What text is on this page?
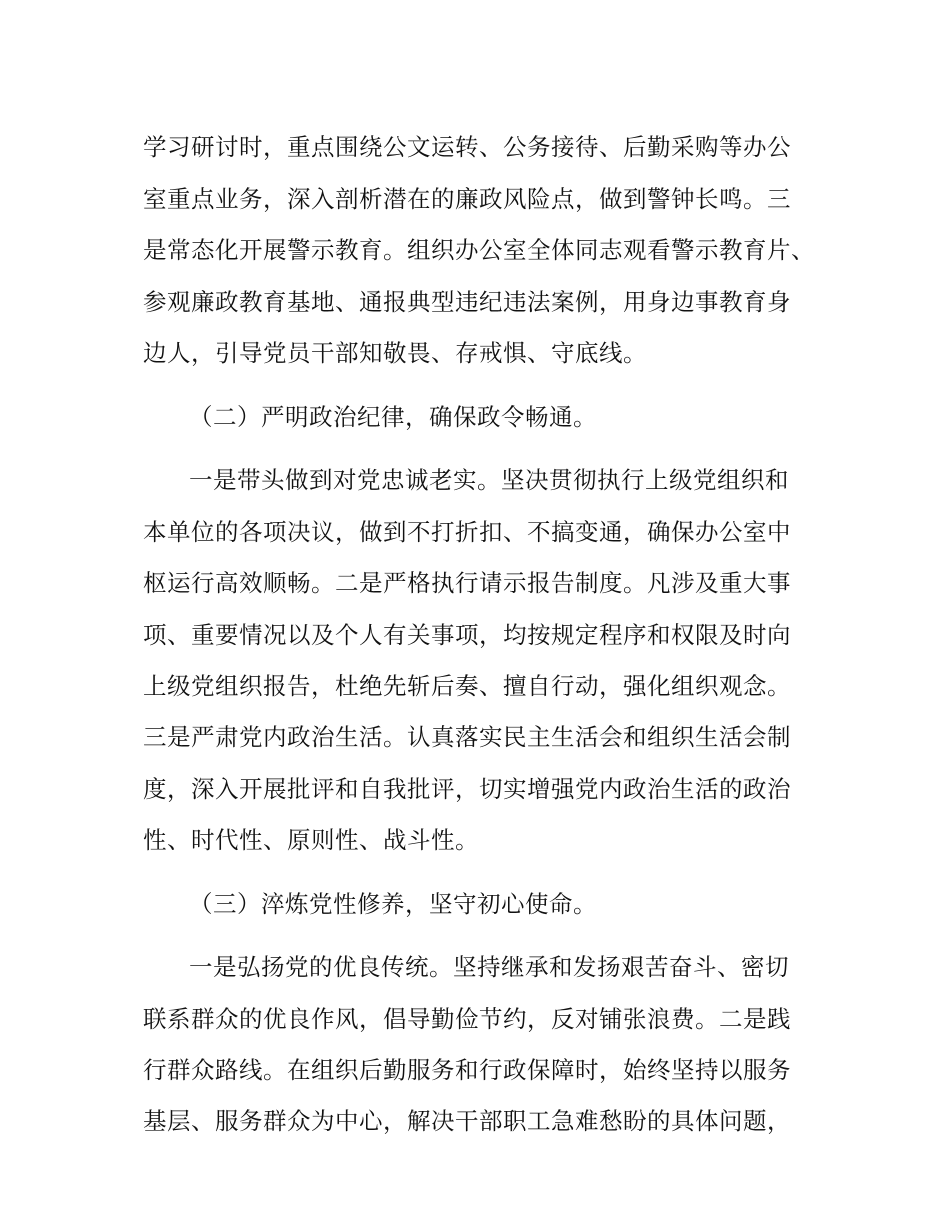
学习研讨时，重点围绕公文运转、公务接待、后勤采购等办公
室重点业务，深入剖析潜在的廉政风险点，做到警钟长鸣。三
是常态化开展警示教育。组织办公室全体同志观看警示教育片、
参观廉政教育基地、通报典型违纪违法案例，用身边事教育身
边人，引导党员干部知敬畏、存戒惧、守底线。
（二）严明政治纪律，确保政令畅通。
一是带头做到对党忠诚老实。坚决贯彻执行上级党组织和
本单位的各项决议，做到不打折扣、不搞变通，确保办公室中
枢运行高效顺畅。二是严格执行请示报告制度。凡涉及重大事
项、重要情况以及个人有关事项，均按规定程序和权限及时向
上级党组织报告，杜绝先斩后奏、擅自行动，强化组织观念。
三是严肃党内政治生活。认真落实民主生活会和组织生活会制
度，深入开展批评和自我批评，切实增强党内政治生活的政治
性、时代性、原则性、战斗性。
（三）淬炼党性修养，坚守初心使命。
一是弘扬党的优良传统。坚持继承和发扬艰苦奋斗、密切
联系群众的优良作风，倡导勤俭节约，反对铺张浪费。二是践
行群众路线。在组织后勤服务和行政保障时，始终坚持以服务
基层、服务群众为中心，解决干部职工急难愁盼的具体问题，
